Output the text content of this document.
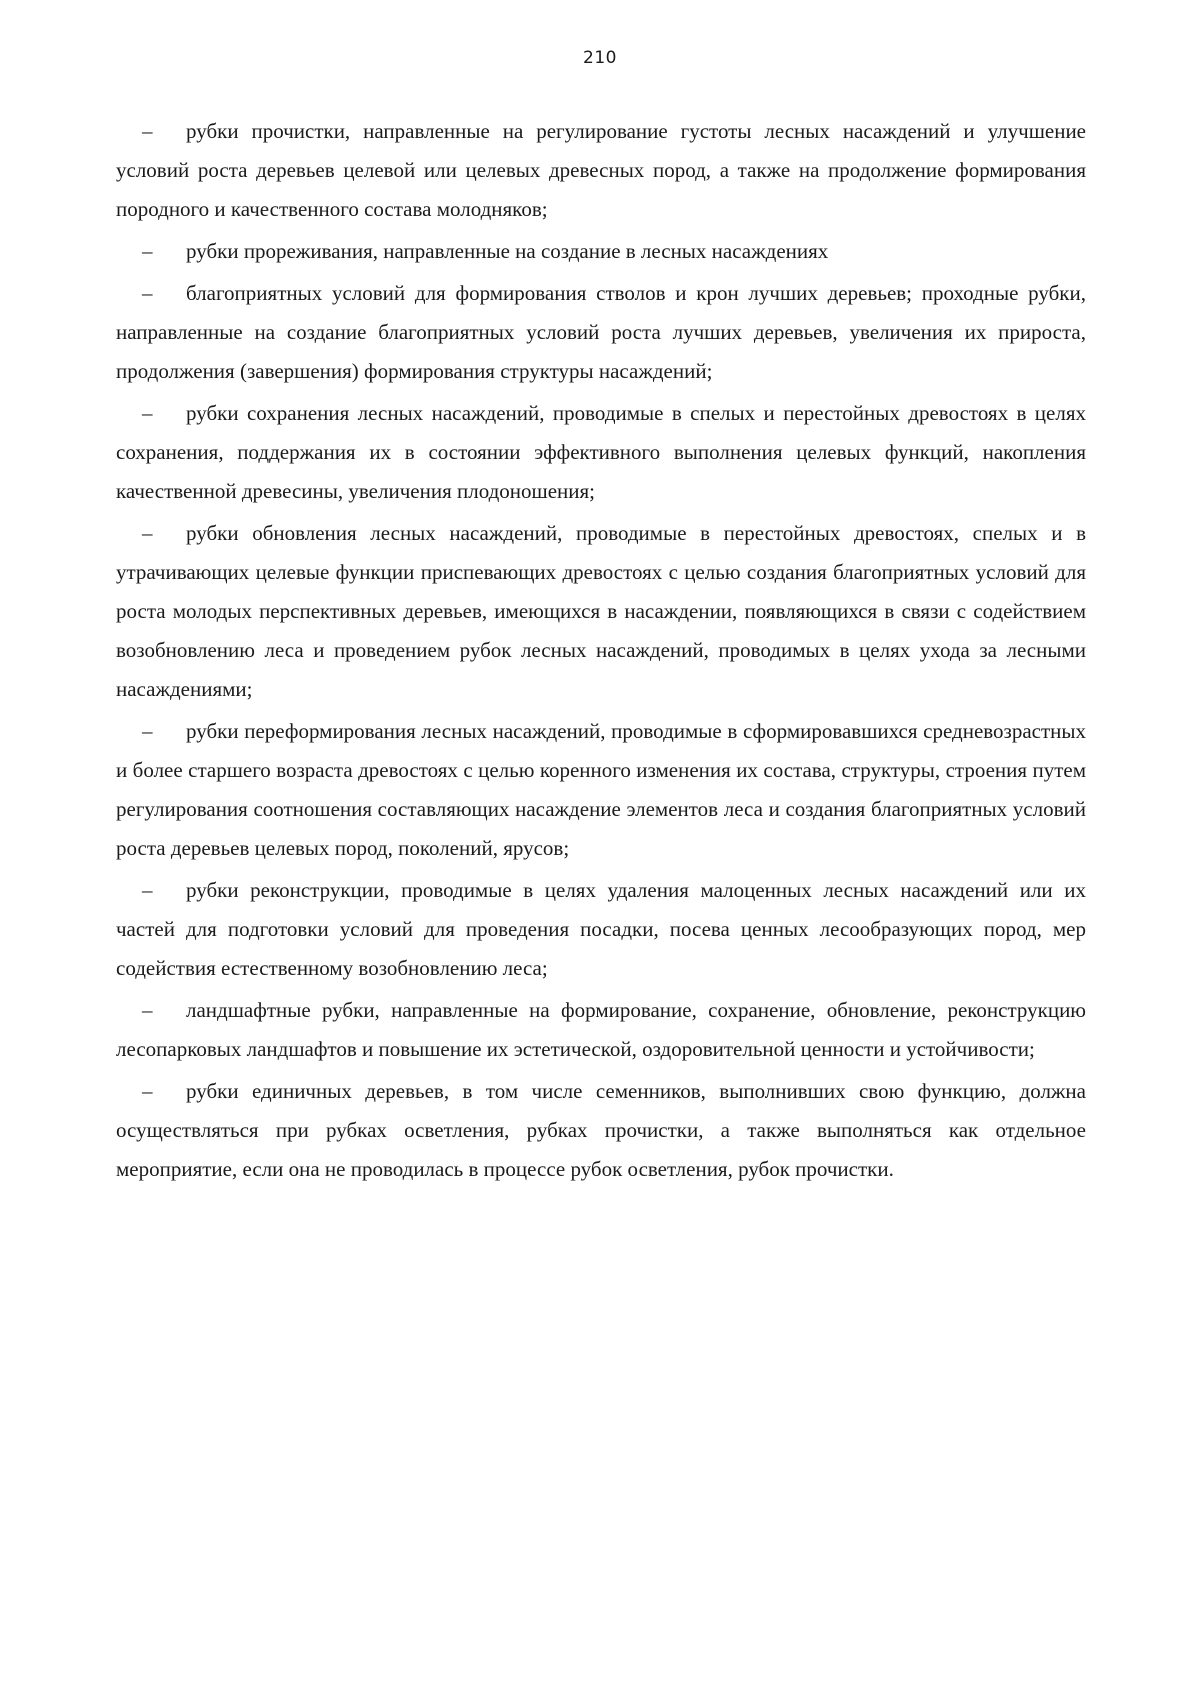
210

– рубки прочистки, направленные на регулирование густоты лесных насаждений и улучшение условий роста деревьев целевой или целевых древесных пород, а также на продолжение формирования породного и качественного состава молодняков;

– рубки прореживания, направленные на создание в лесных насаждениях

– благоприятных условий для формирования стволов и крон лучших деревьев; проходные рубки, направленные на создание благоприятных условий роста лучших деревьев, увеличения их прироста, продолжения (завершения) формирования структуры насаждений;

– рубки сохранения лесных насаждений, проводимые в спелых и перестойных древостоях в целях сохранения, поддержания их в состоянии эффективного выполнения целевых функций, накопления качественной древесины, увеличения плодоношения;

– рубки обновления лесных насаждений, проводимые в перестойных древостоях, спелых и в утрачивающих целевые функции приспевающих древостоях с целью создания благоприятных условий для роста молодых перспективных деревьев, имеющихся в насаждении, появляющихся в связи с содействием возобновлению леса и проведением рубок лесных насаждений, проводимых в целях ухода за лесными насаждениями;

– рубки переформирования лесных насаждений, проводимые в сформировавшихся средневозрастных и более старшего возраста древостоях с целью коренного изменения их состава, структуры, строения путем регулирования соотношения составляющих насаждение элементов леса и создания благоприятных условий роста деревьев целевых пород, поколений, ярусов;

– рубки реконструкции, проводимые в целях удаления малоценных лесных насаждений или их частей для подготовки условий для проведения посадки, посева ценных лесообразующих пород, мер содействия естественному возобновлению леса;

– ландшафтные рубки, направленные на формирование, сохранение, обновление, реконструкцию лесопарковых ландшафтов и повышение их эстетической, оздоровительной ценности и устойчивости;

– рубки единичных деревьев, в том числе семенников, выполнивших свою функцию, должна осуществляться при рубках осветления, рубках прочистки, а также выполняться как отдельное мероприятие, если она не проводилась в процессе рубок осветления, рубок прочистки.
